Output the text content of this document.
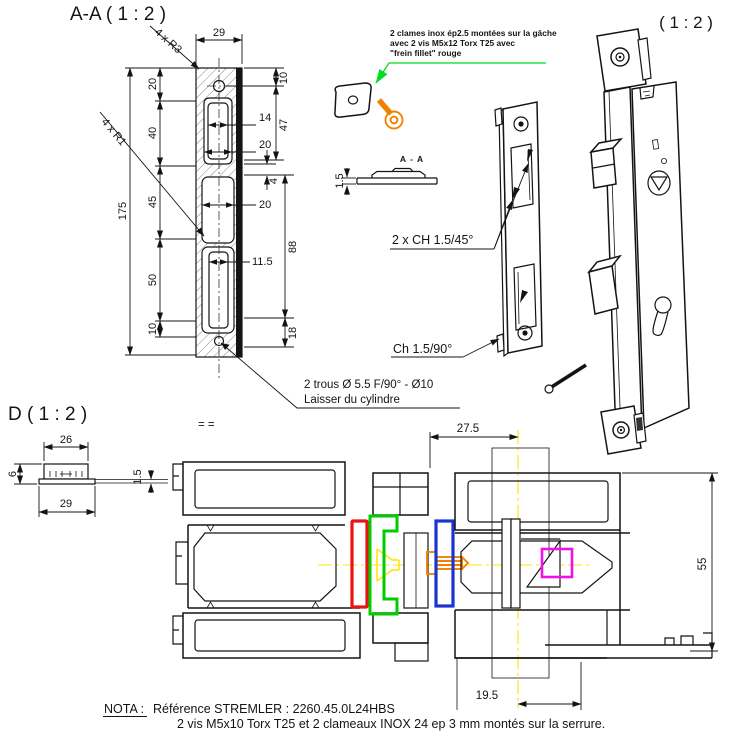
A-A ( 1 : 2 )
29
4 x R3
4 x R1
20
40
45
50
10
175
10
47
14
20
4
20
11.5
88
18
2 trous Ø 5.5 F/90° - Ø10
Laisser du cylindre
= =
2 clames inox ép2.5 montées sur la gâche
avec 2 vis M5x12 Torx T25 avec
"frein fillet" rouge
A - A
1.5
2 x CH 1.5/45°
Ch 1.5/90°
( 1 : 2 )
D ( 1 : 2 )
26
6	1.5
29
27.5
55
19.5
NOTA : Référence STREMLER : 2260.45.0L24HBS
2 vis M5x10 Torx T25 et 2 clameaux INOX 24 ep 3 mm montés sur la serrure.
